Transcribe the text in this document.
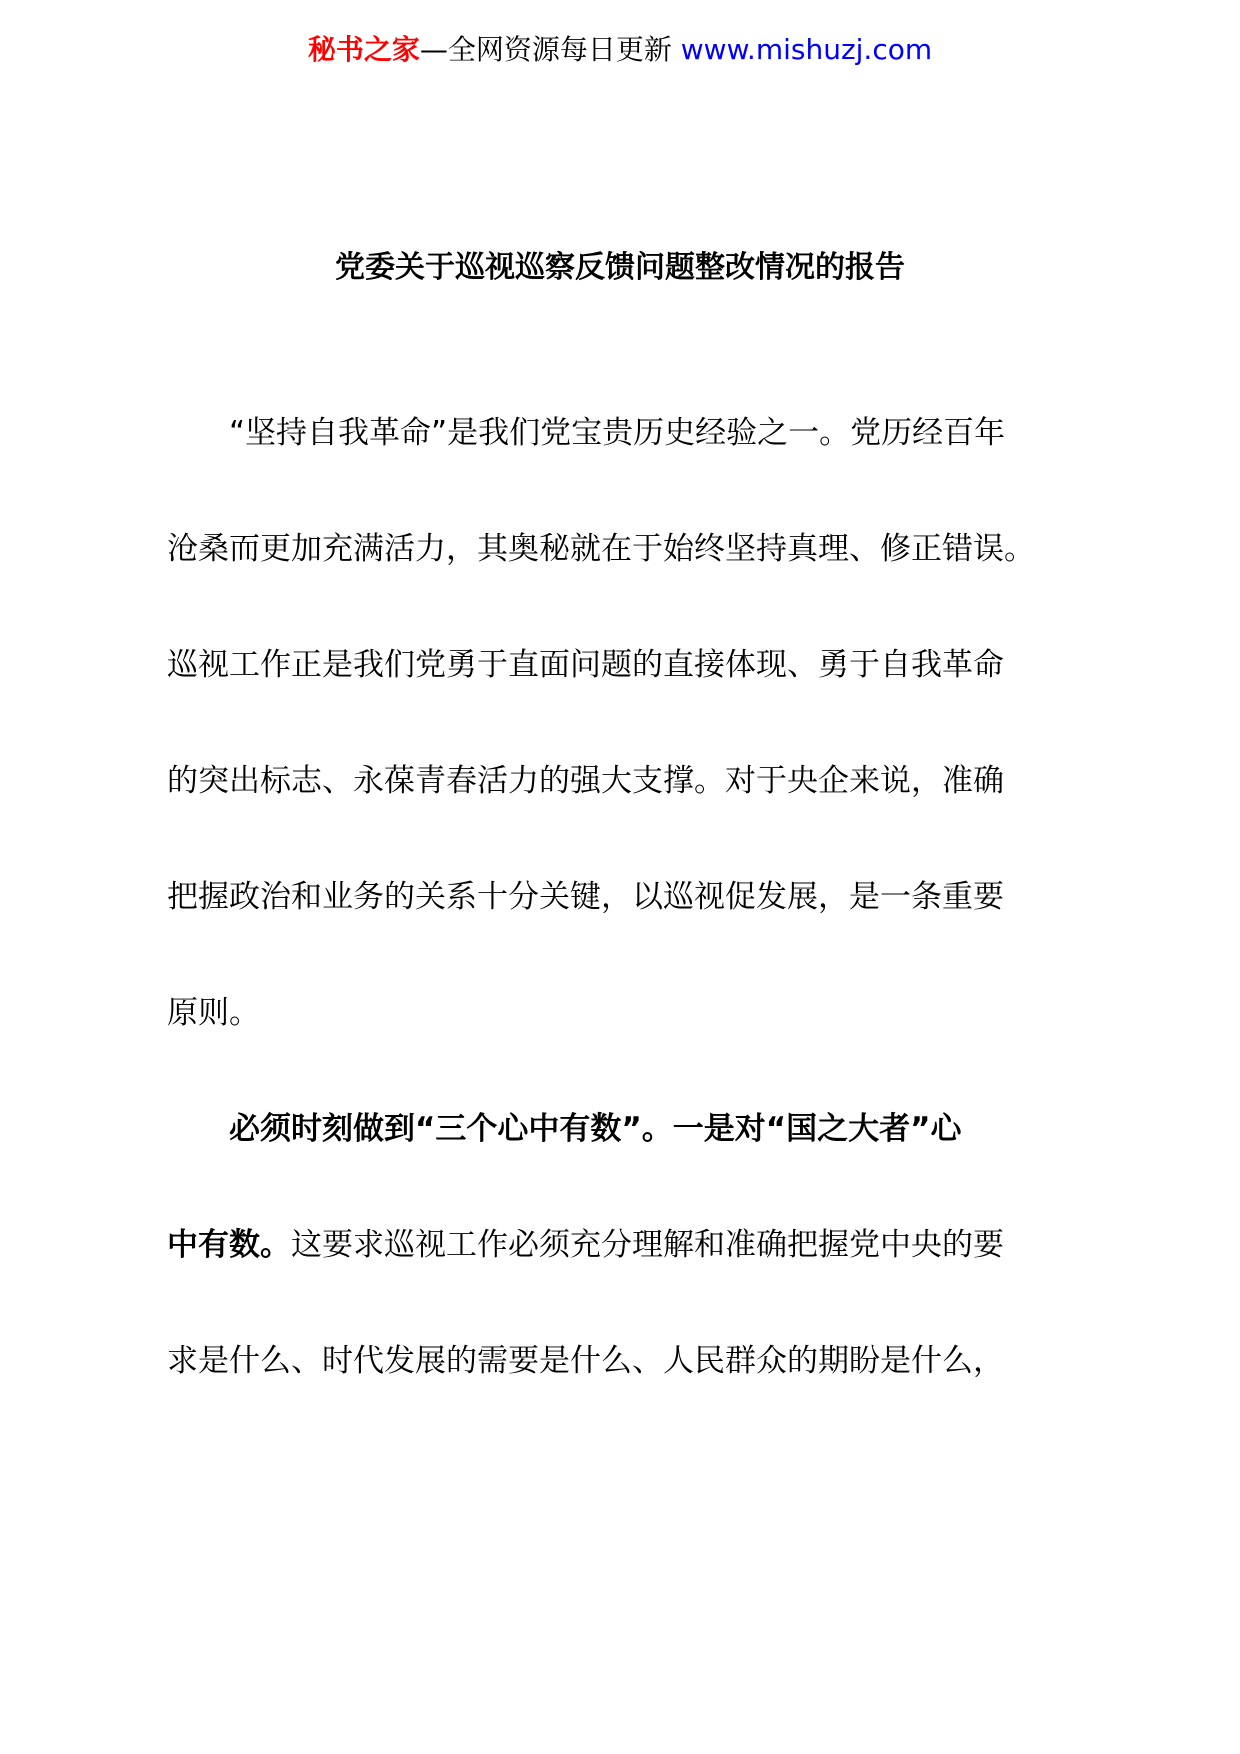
秘书之家—全网资源每日更新 www.mishuzj.com
党委关于巡视巡察反馈问题整改情况的报告
“坚持自我革命”是我们党宝贵历史经验之一。党历经百年
沧桑而更加充满活力，其奥秘就在于始终坚持真理、修正错误。
巡视工作正是我们党勇于直面问题的直接体现、勇于自我革命
的突出标志、永葆青春活力的强大支撑。对于央企来说，准确
把握政治和业务的关系十分关键，以巡视促发展，是一条重要
原则。
必须时刻做到“三个心中有数”。一是对“国之大者”心
中有数。这要求巡视工作必须充分理解和准确把握党中央的要
求是什么、时代发展的需要是什么、人民群众的期盼是什么，
